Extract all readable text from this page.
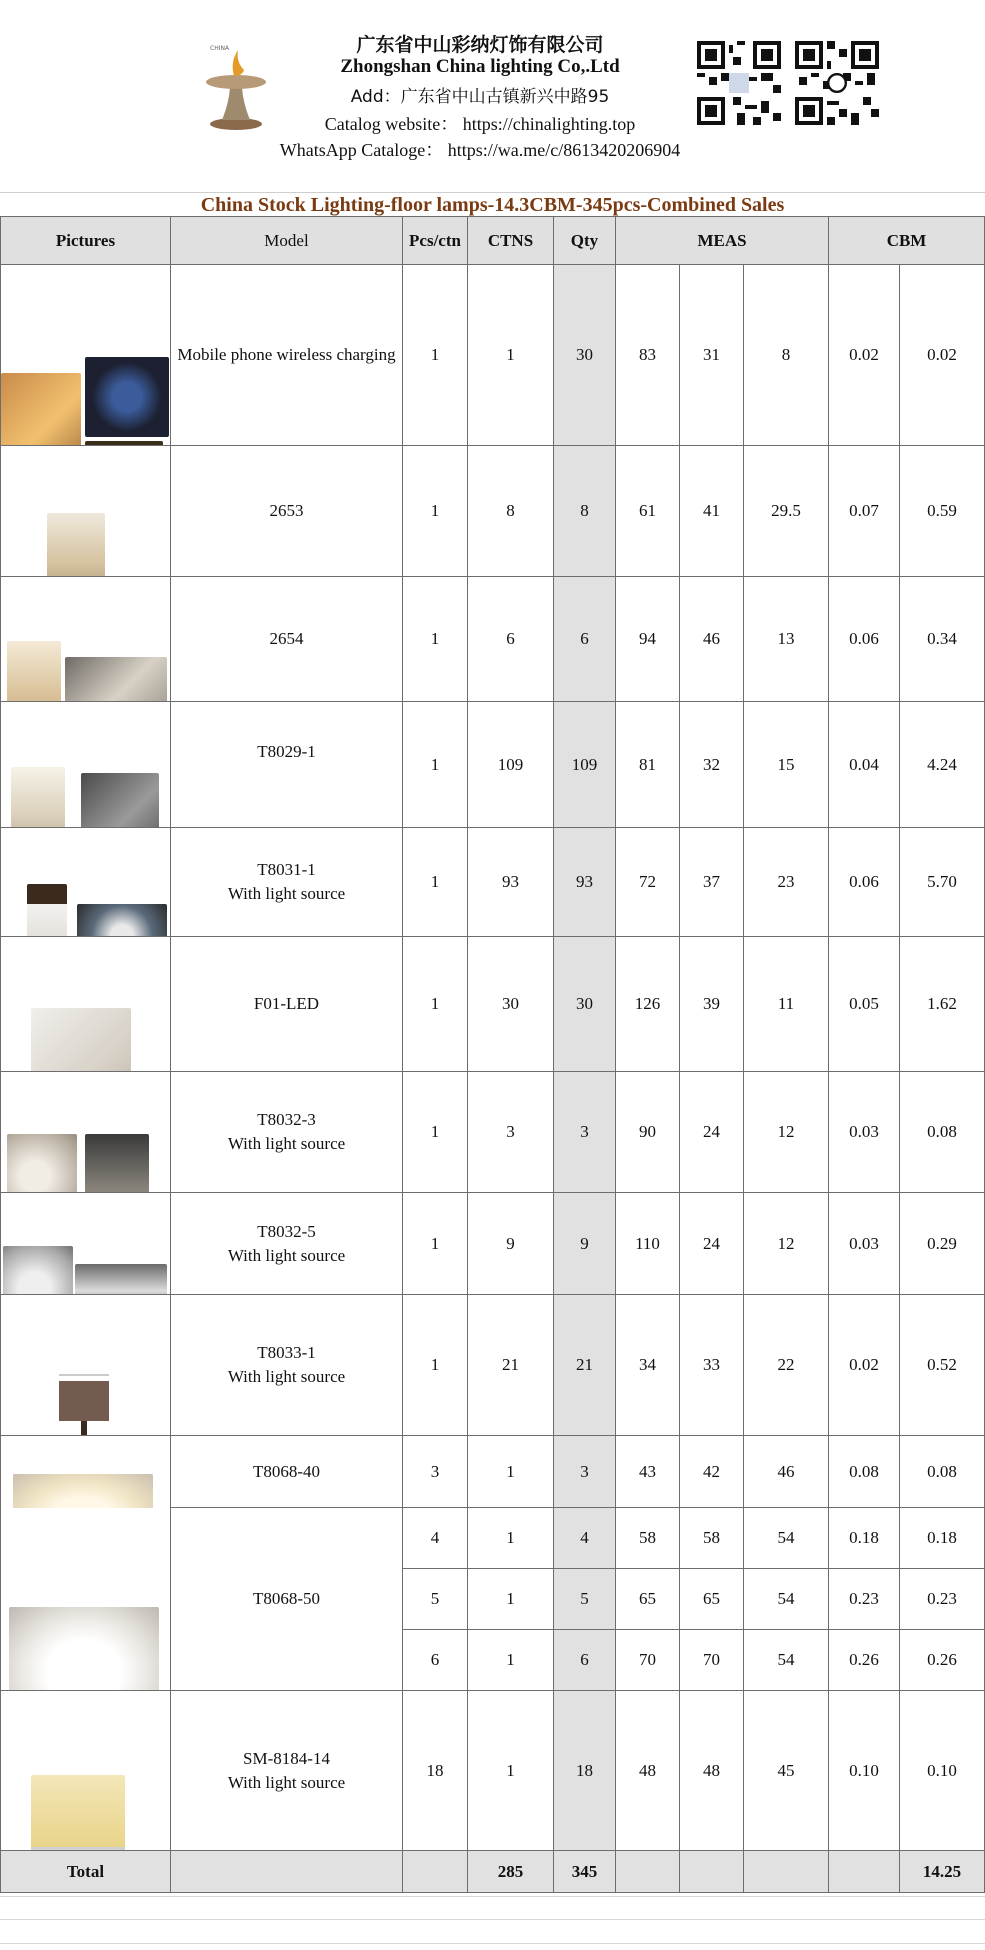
CHINA	广东省中山彩纳灯饰有限公司
Zhongshan China lighting Co,.Ltd
Add：广东省中山古镇新兴中路95
Catalog website： https://chinalighting.top
WhatsApp Cataloge： https://wa.me/c/8613420206904
China Stock Lighting-floor lamps-14.3CBM-345pcs-Combined Sales
Pictures	Model	Pcs/ctn	CTNS	Qty	MEAS			CBM	

	Mobile phone wireless charging	1	1	30	83	31	8	0.02	0.02

	2653	1	8	8	61	41	29.5	0.07	0.59

	2654	1	6	6	94	46	13	0.06	0.34

	T8029-1	1	109	109	81	32	15	0.04	4.24

	T8031-1
With light source	1	93	93	72	37	23	0.06	5.70

	F01-LED	1	30	30	126	39	11	0.05	1.62

	T8032-3
With light source	1	3	3	90	24	12	0.03	0.08

	T8032-5
With light source	1	9	9	110	24	12	0.03	0.29

	T8033-1
With light source	1	21	21	34	33	22	0.02	0.52

	T8068-40	3	1	3	43	42	46	0.08	0.08

	T8068-50	4	1	4	58	58	54	0.18	0.18
		5	1	5	65	65	54	0.23	0.23
		6	1	6	70	70	54	0.26	0.26

	SM-8184-14
With light source	18	1	18	48	48	45	0.10	0.10
Total			285	345					14.25
